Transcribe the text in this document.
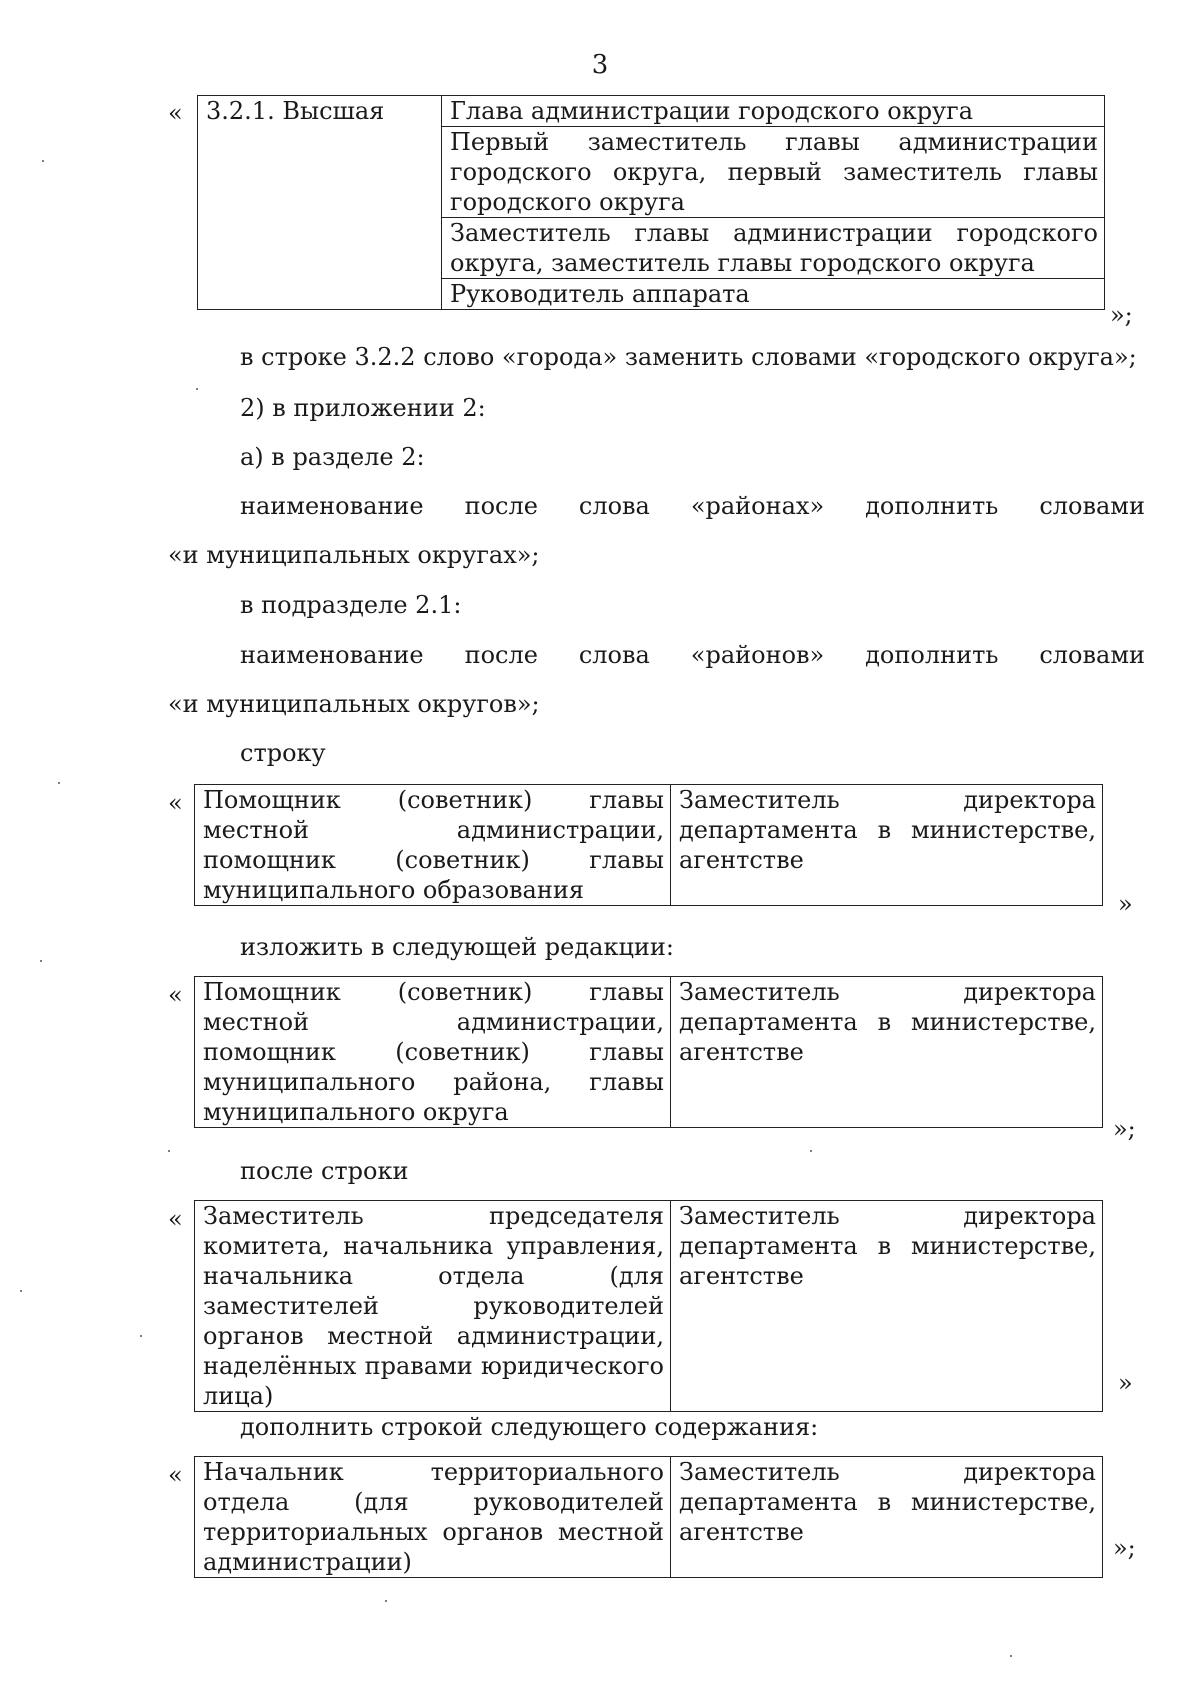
3
« 3.2.1. Высшая	Глава администрации городского округа
Первый заместитель главы администрации городского округа, первый заместитель главы городского округа
Заместитель главы администрации городского округа, заместитель главы городского округа
Руководитель аппарата
»;
в строке 3.2.2 слово «города» заменить словами «городского округа»;
2) в приложении 2:
а) в разделе 2:
наименование после слова «районах» дополнить словами
«и муниципальных округах»;
в подразделе 2.1:
наименование после слова «районов» дополнить словами
«и муниципальных округов»;
строку
« Помощник (советник) главы местной администрации, помощник (советник) главы муниципального образования	Заместитель директора департамента в министерстве, агентстве
»
изложить в следующей редакции:
« Помощник (советник) главы местной администрации, помощник (советник) главы муниципального района, главы муниципального округа	Заместитель директора департамента в министерстве, агентстве
»;
после строки
« Заместитель председателя комитета, начальника управления, начальника отдела (для заместителей руководителей органов местной администрации, наделённых правами юридического лица)	Заместитель директора департамента в министерстве, агентстве
»
дополнить строкой следующего содержания:
« Начальник территориального отдела (для руководителей территориальных органов местной администрации)	Заместитель директора департамента в министерстве, агентстве
»;
